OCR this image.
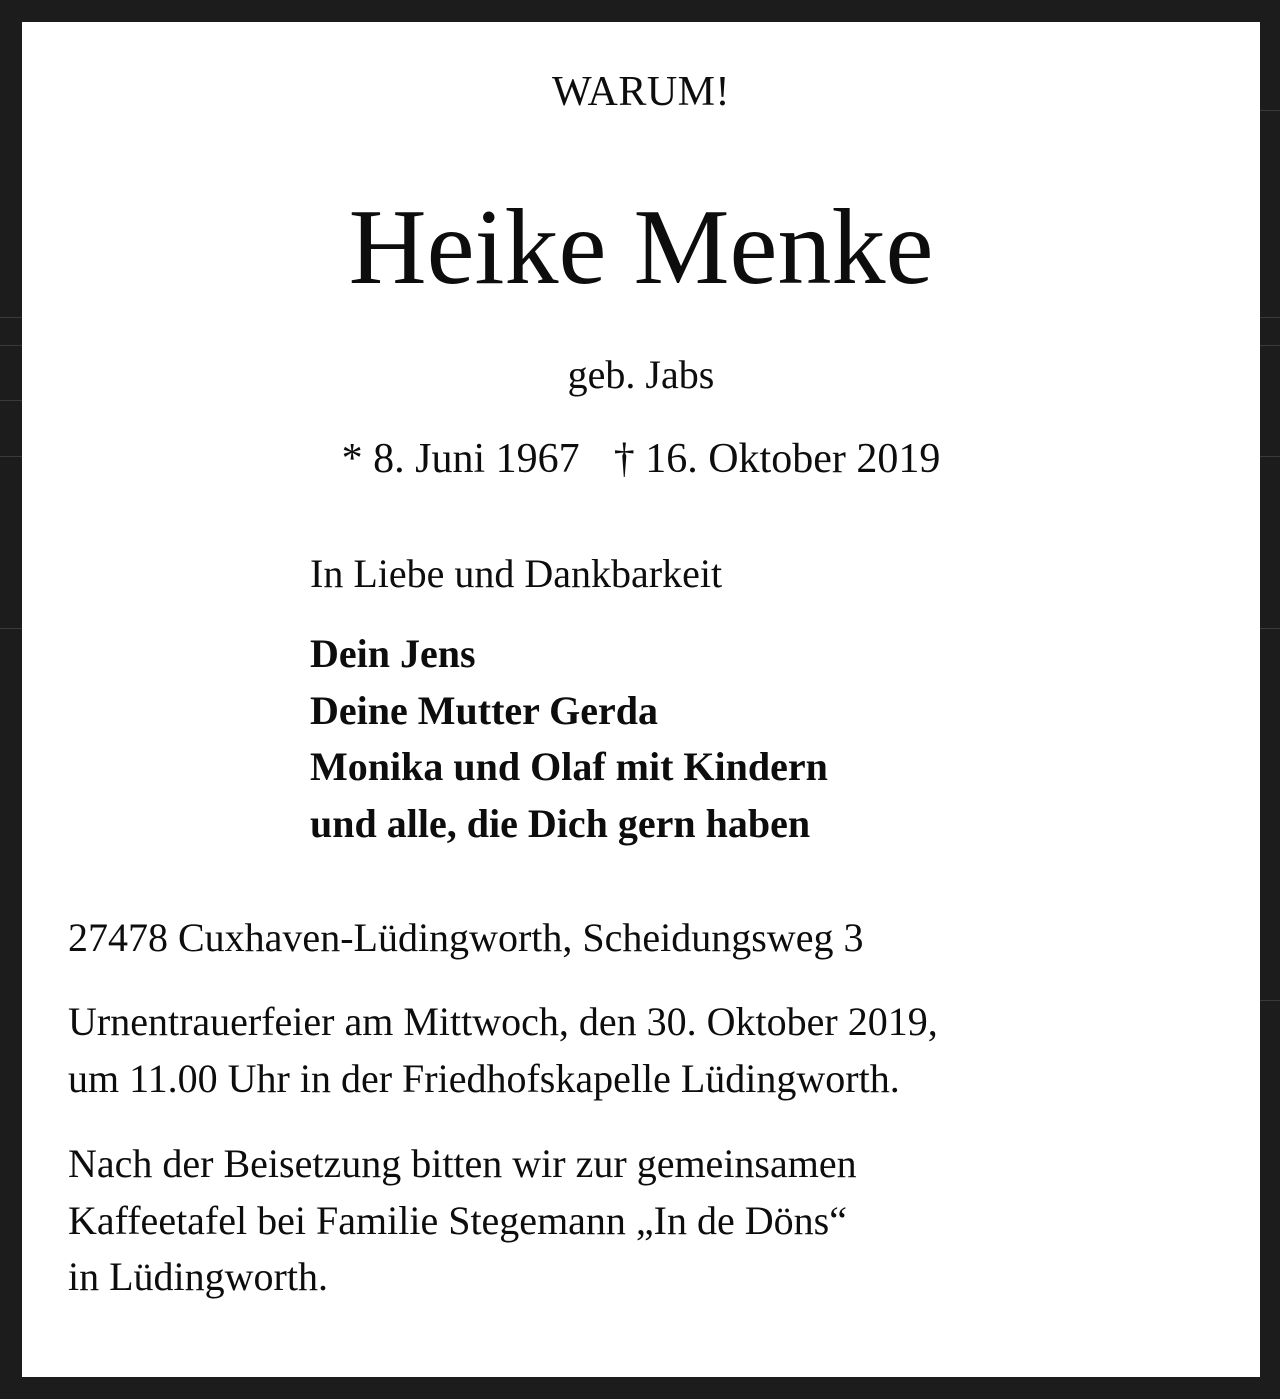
WARUM!

Heike Menke

geb. Jabs

* 8. Juni 1967 † 16. Oktober 2019

In Liebe und Dankbarkeit

Dein Jens
Deine Mutter Gerda
Monika und Olaf mit Kindern
und alle, die Dich gern haben

27478 Cuxhaven-Lüdingworth, Scheidungsweg 3

Urnentrauerfeier am Mittwoch, den 30. Oktober 2019,
um 11.00 Uhr in der Friedhofskapelle Lüdingworth.
Nach der Beisetzung bitten wir zur gemeinsamen
Kaffeetafel bei Familie Stegemann „In de Döns“
in Lüdingworth.
